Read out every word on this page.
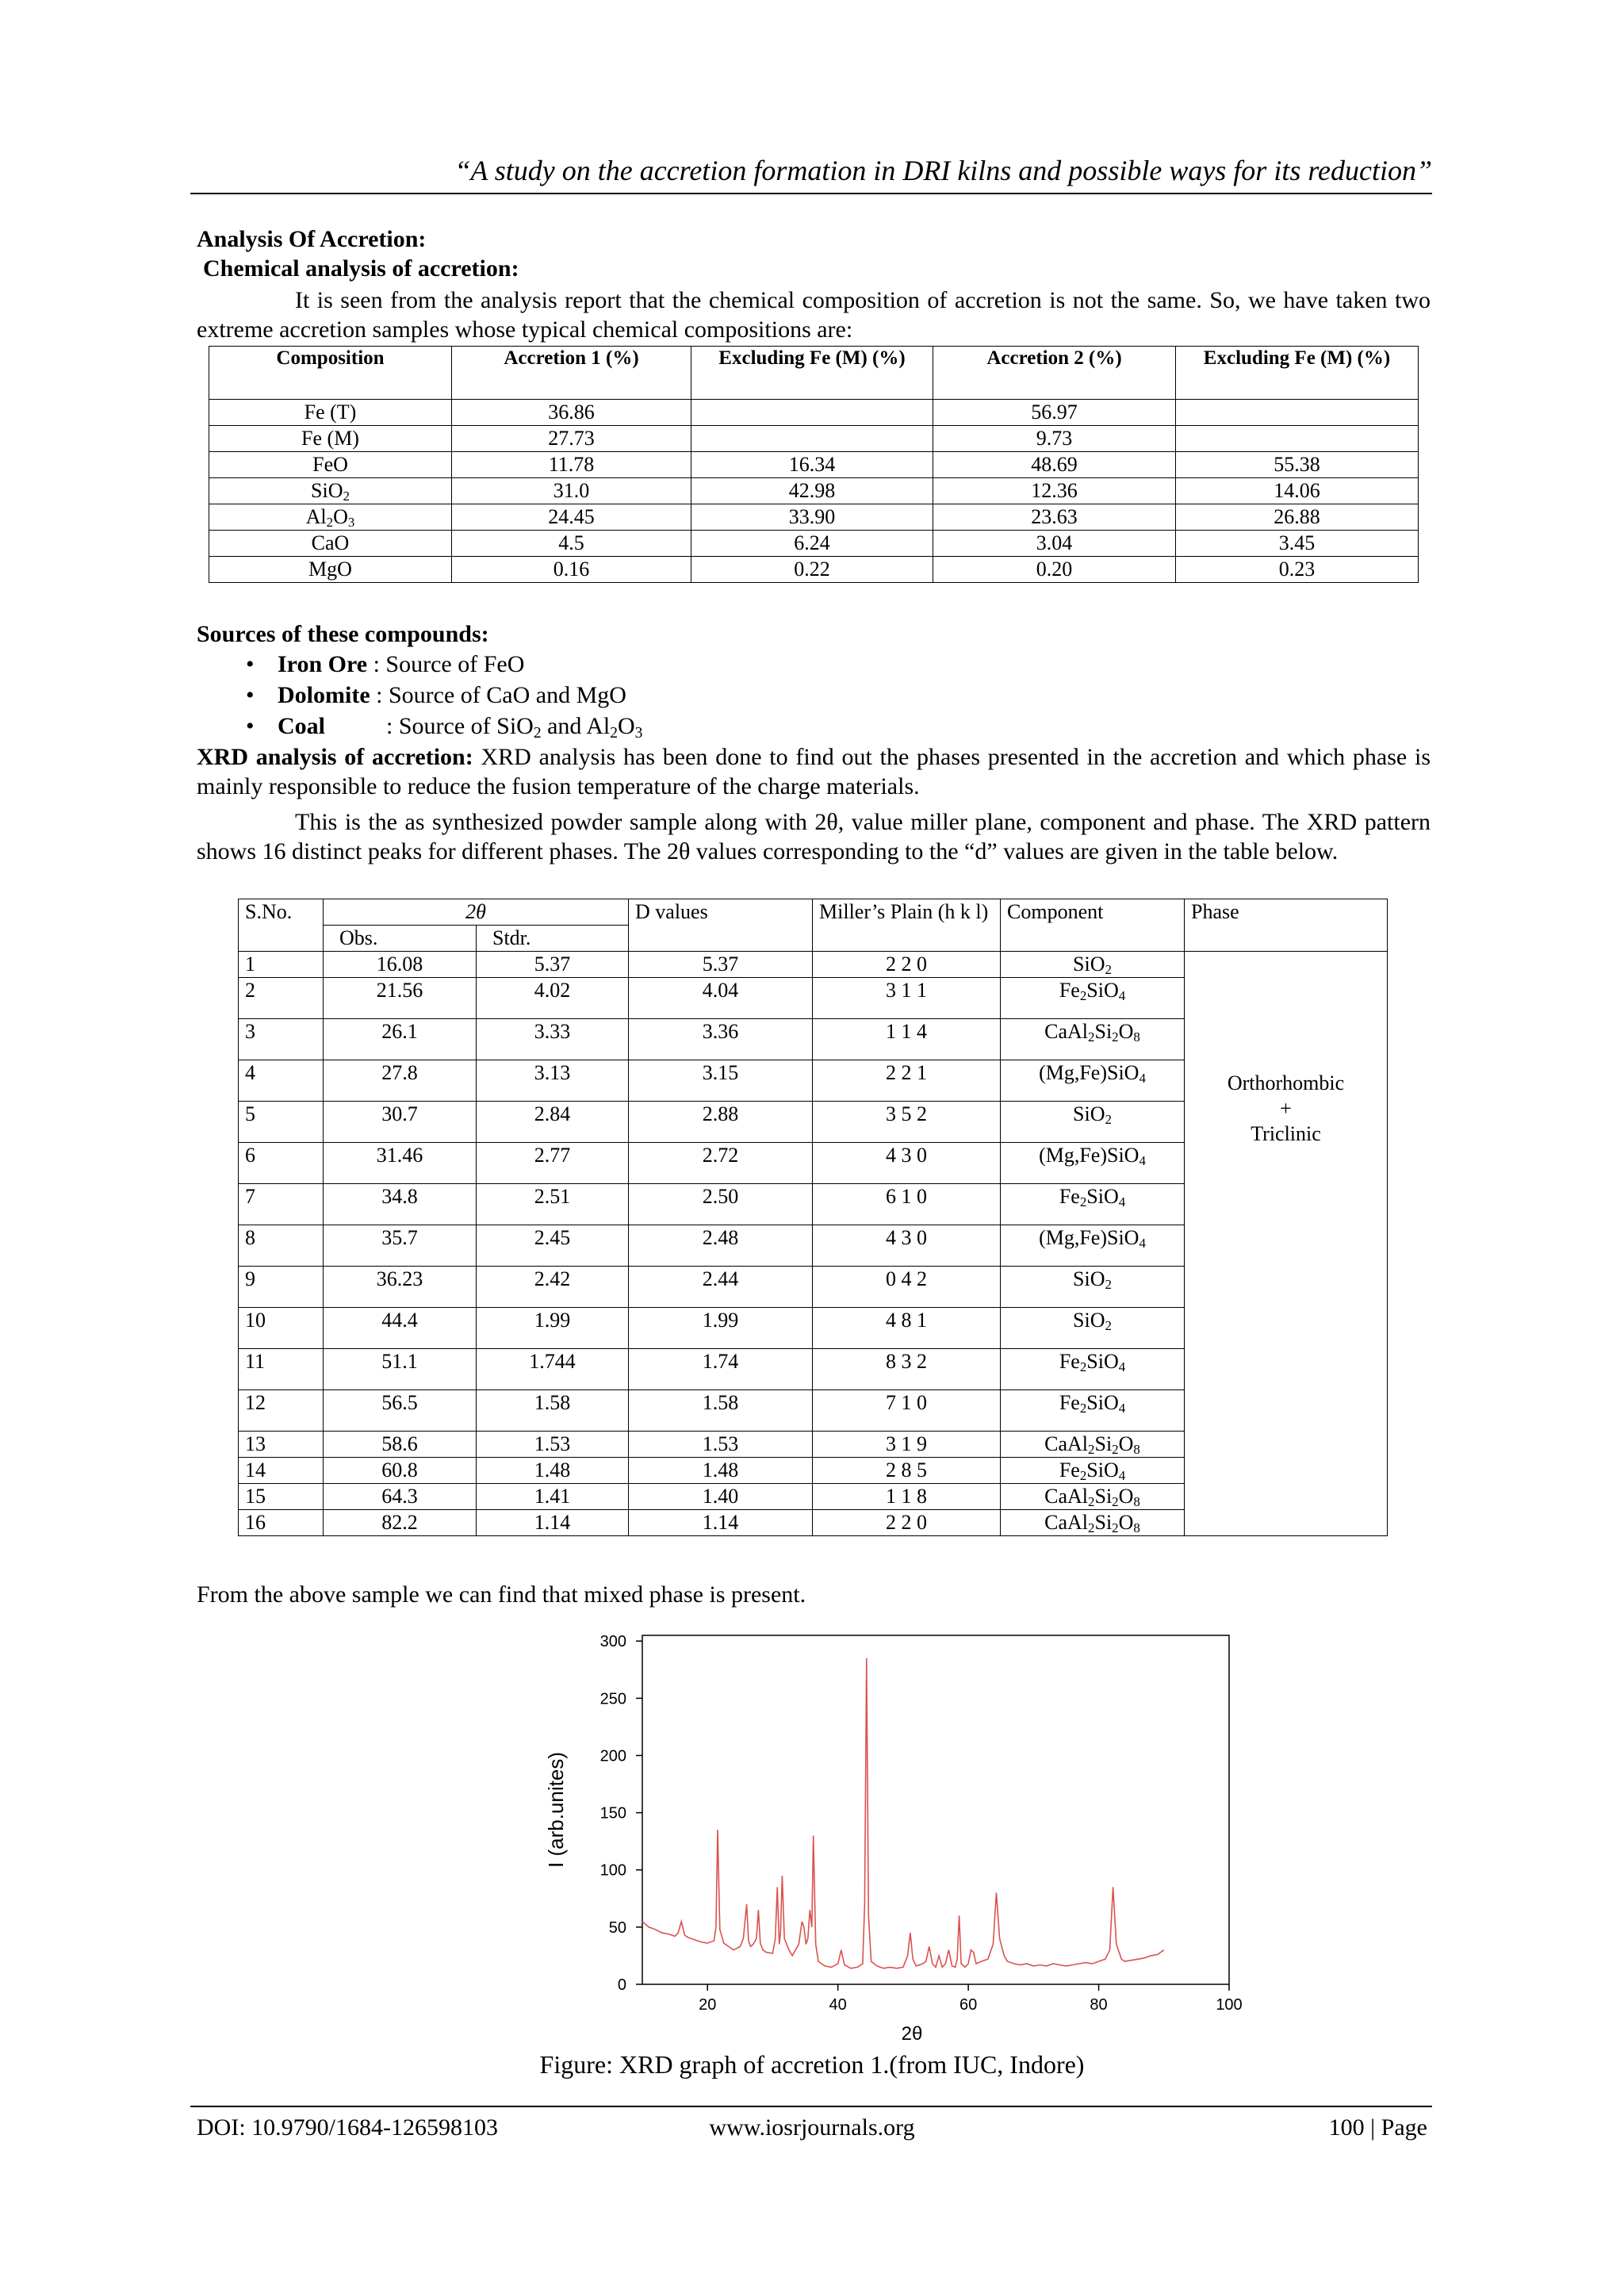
“A study on the accretion formation in DRI kilns and possible ways for its reduction”
Analysis Of Accretion:
Chemical analysis of accretion:
It is seen from the analysis report that the chemical composition of accretion is not the same. So, we have taken two extreme accretion samples whose typical chemical compositions are:
Composition	Accretion 1 (%)	Excluding Fe (M) (%)	Accretion 2 (%)	Excluding Fe (M) (%)
Fe (T)	36.86		56.97	
Fe (M)	27.73		9.73	
FeO	11.78	16.34	48.69	55.38
SiO$_2$	31.0	42.98	12.36	14.06
$Al_2O_3$	24.45	33.90	23.63	26.88
CaO	4.5	6.24	3.04	3.45
MgO	0.16	0.22	0.20	0.23
Sources of these compounds:
• Iron Ore : Source of FeO
• Dolomite : Source of CaO and MgO
• Coal	: Source of SiO$_2$ and $Al_2O_3$
XRD analysis of accretion: XRD analysis has been done to find out the phases presented in the accretion and which phase is mainly responsible to reduce the fusion temperature of the charge materials.
This is the as synthesized powder sample along with 2θ, value miller plane, component and phase. The XRD pattern shows 16 distinct peaks for different phases. The 2θ values corresponding to the “d” values are given in the table below.
S.No.	2θ		D values	Miller’s Plain (h k l)	Component	Phase
	Obs.	Stdr.				
1	16.08	5.37	5.37	2 2 0	SiO$_2$	Orthorhombic
+
Triclinic

2	21.56	4.02	4.04	3 1 1	$Fe_2SiO_4$
3	26.1	3.33	3.36	1 1 4	$CaAl_2Si_2O_8$
4	27.8	3.13	3.15	2 2 1	(Mg,Fe)SiO$_4$
5	30.7	2.84	2.88	3 5 2	SiO$_2$
6	31.46	2.77	2.72	4 3 0	(Mg,Fe)SiO$_4$
7	34.8	2.51	2.50	6 1 0	$Fe_2SiO_4$
8	35.7	2.45	2.48	4 3 0	(Mg,Fe)SiO$_4$
9	36.23	2.42	2.44	0 4 2	SiO$_2$
10	44.4	1.99	1.99	4 8 1	SiO$_2$
11	51.1	1.744	1.74	8 3 2	$Fe_2SiO_4$
12	56.5	1.58	1.58	7 1 0	$Fe_2SiO_4$
13	58.6	1.53	1.53	3 1 9	$CaAl_2Si_2O_8$
14	60.8	1.48	1.48	2 8 5	$Fe_2SiO_4$
15	64.3	1.41	1.40	1 1 8	$CaAl_2Si_2O_8$
16	82.2	1.14	1.14	2 2 0	$CaAl_2Si_2O_8$
From the above sample we can find that mixed phase is present.
20	40	60	80	100
0
50
100
150
200
250
300
I (arb.unites)
2θ
Figure: XRD graph of accretion 1.(from IUC, Indore)
DOI: 10.9790/1684-126598103	www.iosrjournals.org	100 | Page
